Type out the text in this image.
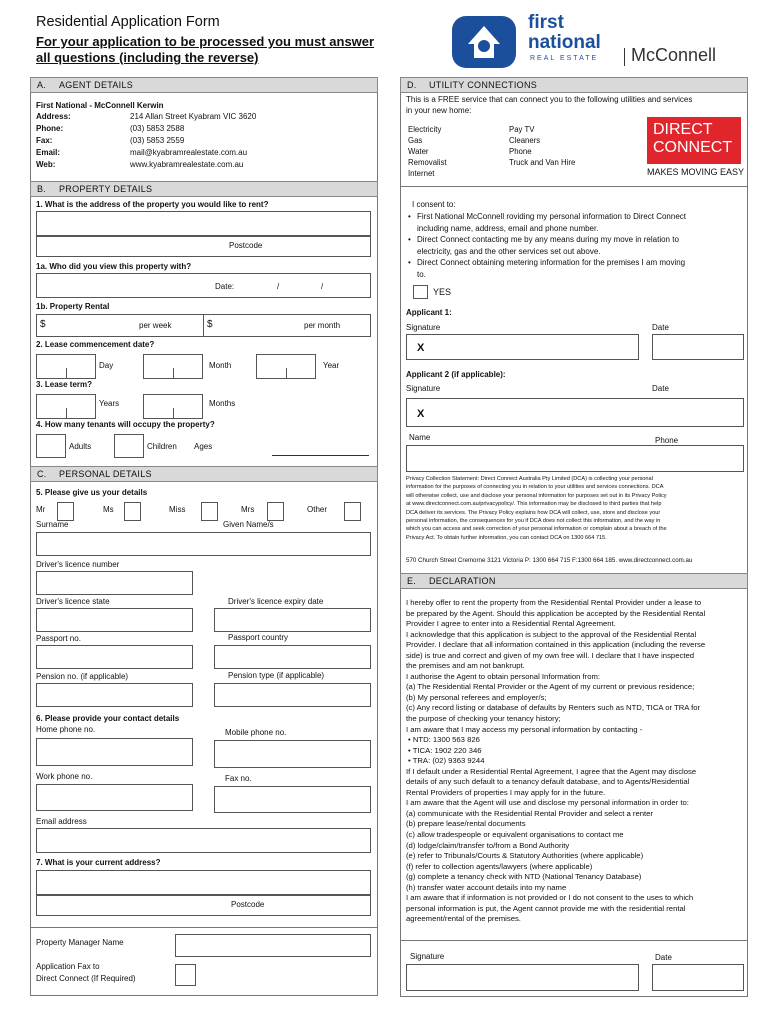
Residential Application Form
For your application to be processed you must answer
all questions (including the reverse)
first
national
REAL ESTATE McConnell
A. AGENT DETAILS
First National - McConnell Kerwin
Address:	214 Allan Street Kyabram VIC 3620
Phone:	(03) 5853 2588
Fax:	(03) 5853 2559
Email:	mail@kyabramrealestate.com.au
Web:	www.kyabramrealestate.com.au
B. PROPERTY DETAILS
1. What is the address of the property you would like to rent?
Postcode
1a. Who did you view this property with?
Date:	/	/
1b. Property Rental
$	per week	$	per month
2. Lease commencement date?
Day	Month	Year
3. Lease term?
Years	Months
4. How many tenants will occupy the property?
Adults	Children Ages
C. PERSONAL DETAILS
5. Please give us your details
Mr	Ms	Miss	Mrs	Other
Surname	Given Name/s
Driver's licence number
Driver's licence state	Driver's licence expiry date
Passport no.	Passport country
Pension no. (if applicable)	Pension type (if applicable)
6. Please provide your contact details
Home phone no.	Mobile phone no.
Work phone no.	Fax no.
Email address
7. What is your current address?
Postcode
Property Manager Name
Application Fax to
Direct Connect (If Required)
D. UTILITY CONNECTIONS
This is a FREE service that can connect you to the following utilities and services
in your new home:
Electricity
Gas
Water
Removalist
Internet
Pay TV
Cleaners
Phone
Truck and Van Hire
DIRECT
CONNECT
MAKES MOVING EASY
I consent to:
• First National McConnell roviding my personal information to Direct Connect
including name, address, email and phone number.
• Direct Connect contacting me by any means during my move in relation to
electricity, gas and the other services set out above.
• Direct Connect obtaining metering information for the premises I am moving
to.
YES
Applicant 1:
Signature	Date
X
Applicant 2 (if applicable):
Signature	Date
X
Name	Phone
Privacy Collection Statement: Direct Connect Australia Pty Limited (DCA) is collecting your personal
information for the purposes of connecting you in relation to your utilities and services connections. DCA
will otherwise collect, use and disclose your personal information for purposes set out in its Privacy Policy
at www.directconnect.com.au/privacypolicy/. This information may be disclosed to third parties that help
DCA deliver its services. The Privacy Policy explains how DCA will collect, use, store and disclose your
personal information, the consequences for you if DCA does not collect this information, and the way in
which you can access and seek correction of your personal information or complain about a breach of the
Privacy Act. To obtain further information, you can contact DCA on 1300 664 715.
570 Church Street Cremorne 3121 Victoria P: 1300 664 715 F:1300 664 185. www.directconnect.com.au
E. DECLARATION
I hereby offer to rent the property from the Residential Rental Provider under a lease to
be prepared by the Agent. Should this application be accepted by the Residential Rental
Provider I agree to enter into a Residential Rental Agreement.
I acknowledge that this application is subject to the approval of the Residential Rental
Provider. I declare that all information contained in this application (including the reverse
side) is true and correct and given of my own free will. I declare that I have inspected
the premises and am not bankrupt.
I authorise the Agent to obtain personal Information from:
(a) The Residential Rental Provider or the Agent of my current or previous residence;
(b) My personal referees and employer/s;
(c) Any record listing or database of defaults by Renters such as NTD, TICA or TRA for
the purpose of checking your tenancy history;
I am aware that I may access my personal information by contacting -
• NTD: 1300 563 826
• TICA: 1902 220 346
• TRA: (02) 9363 9244
If I default under a Residential Rental Agreement, I agree that the Agent may disclose
details of any such default to a tenancy default database, and to Agents/Residential
Rental Providers of properties I may apply for in the future.
I am aware that the Agent will use and disclose my personal information in order to:
(a) communicate with the Residential Rental Provider and select a renter
(b) prepare lease/rental documents
(c) allow tradespeople or equivalent organisations to contact me
(d) lodge/claim/transfer to/from a Bond Authority
(e) refer to Tribunals/Courts & Statutory Authorities (where applicable)
(f) refer to collection agents/lawyers (where applicable)
(g) complete a tenancy check with NTD (National Tenancy Database)
(h) transfer water account details into my name
I am aware that if information is not provided or I do not consent to the uses to which
personal information is put, the Agent cannot provide me with the residential rental
agreement/rental of the premises.
Signature	Date
